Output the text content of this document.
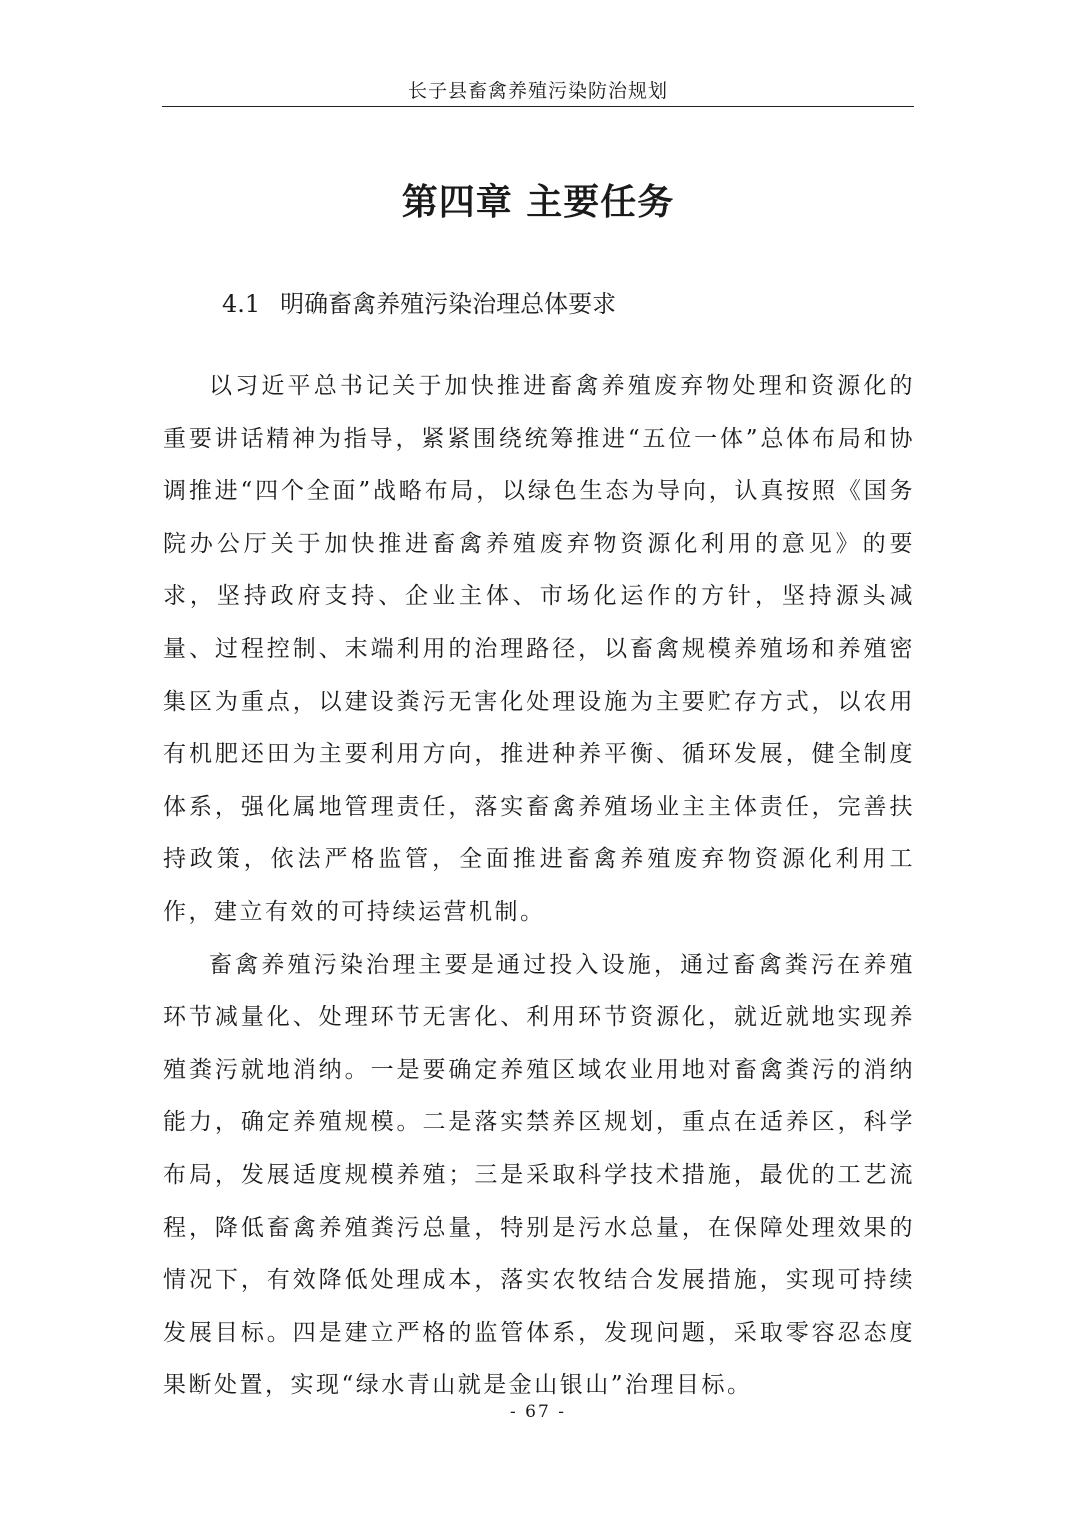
长子县畜禽养殖污染防治规划
第四章 主要任务
4.1 明确畜禽养殖污染治理总体要求

以习近平总书记关于加快推进畜禽养殖废弃物处理和资源化的重要讲话精神为指导，紧紧围绕统筹推进“五位一体”总体布局和协调推进“四个全面”战略布局，以绿色生态为导向，认真按照《国务院办公厅关于加快推进畜禽养殖废弃物资源化利用的意见》的要求，坚持政府支持、企业主体、市场化运作的方针，坚持源头减量、过程控制、末端利用的治理路径，以畜禽规模养殖场和养殖密集区为重点，以建设粪污无害化处理设施为主要贮存方式，以农用有机肥还田为主要利用方向，推进种养平衡、循环发展，健全制度体系，强化属地管理责任，落实畜禽养殖场业主主体责任，完善扶持政策，依法严格监管，全面推进畜禽养殖废弃物资源化利用工作，建立有效的可持续运营机制。

畜禽养殖污染治理主要是通过投入设施，通过畜禽粪污在养殖环节减量化、处理环节无害化、利用环节资源化，就近就地实现养殖粪污就地消纳。一是要确定养殖区域农业用地对畜禽粪污的消纳能力，确定养殖规模。二是落实禁养区规划，重点在适养区，科学布局，发展适度规模养殖；三是采取科学技术措施，最优的工艺流程，降低畜禽养殖粪污总量，特别是污水总量，在保障处理效果的情况下，有效降低处理成本，落实农牧结合发展措施，实现可持续发展目标。四是建立严格的监管体系，发现问题，采取零容忍态度果断处置，实现“绿水青山就是金山银山”治理目标。

- 67 -
